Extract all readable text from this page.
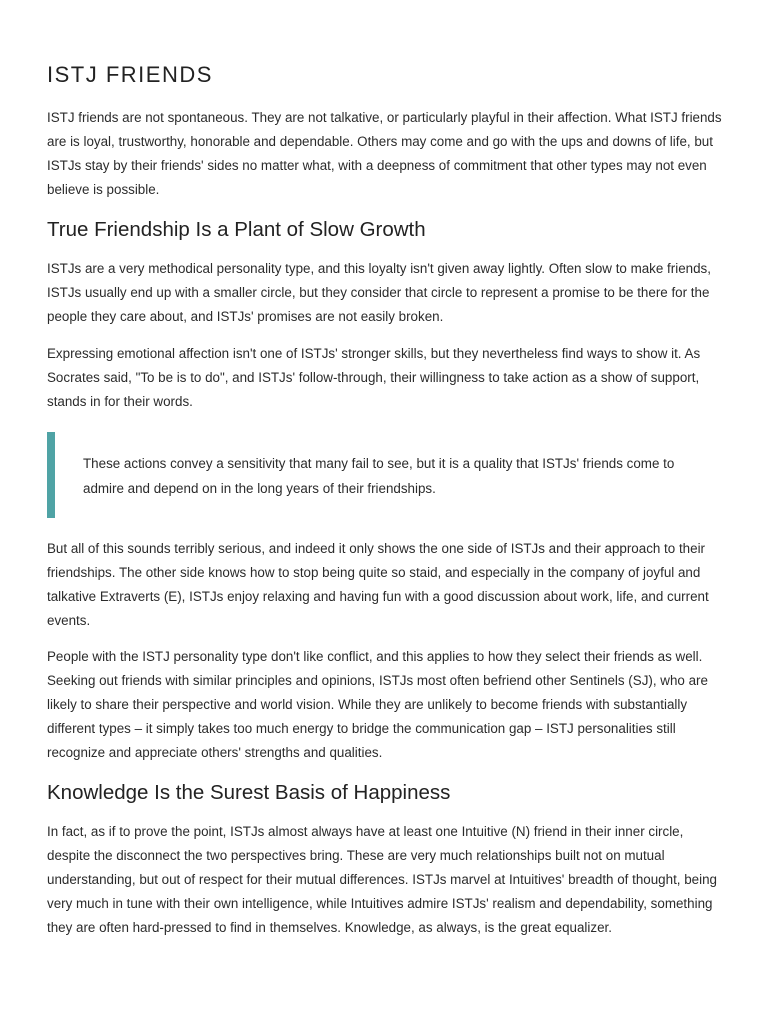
ISTJ FRIENDS

ISTJ friends are not spontaneous. They are not talkative, or particularly playful in their affection. What ISTJ friends are is loyal, trustworthy, honorable and dependable. Others may come and go with the ups and downs of life, but ISTJs stay by their friends' sides no matter what, with a deepness of commitment that other types may not even believe is possible.

True Friendship Is a Plant of Slow Growth

ISTJs are a very methodical personality type, and this loyalty isn't given away lightly. Often slow to make friends, ISTJs usually end up with a smaller circle, but they consider that circle to represent a promise to be there for the people they care about, and ISTJs' promises are not easily broken.

Expressing emotional affection isn't one of ISTJs' stronger skills, but they nevertheless find ways to show it. As Socrates said, "To be is to do", and ISTJs' follow-through, their willingness to take action as a show of support, stands in for their words.

These actions convey a sensitivity that many fail to see, but it is a quality that ISTJs' friends come to admire and depend on in the long years of their friendships.

But all of this sounds terribly serious, and indeed it only shows the one side of ISTJs and their approach to their friendships. The other side knows how to stop being quite so staid, and especially in the company of joyful and talkative Extraverts (E), ISTJs enjoy relaxing and having fun with a good discussion about work, life, and current events.

People with the ISTJ personality type don't like conflict, and this applies to how they select their friends as well. Seeking out friends with similar principles and opinions, ISTJs most often befriend other Sentinels (SJ), who are likely to share their perspective and world vision. While they are unlikely to become friends with substantially different types – it simply takes too much energy to bridge the communication gap – ISTJ personalities still recognize and appreciate others' strengths and qualities.

Knowledge Is the Surest Basis of Happiness

In fact, as if to prove the point, ISTJs almost always have at least one Intuitive (N) friend in their inner circle, despite the disconnect the two perspectives bring. These are very much relationships built not on mutual understanding, but out of respect for their mutual differences. ISTJs marvel at Intuitives' breadth of thought, being very much in tune with their own intelligence, while Intuitives admire ISTJs' realism and dependability, something they are often hard-pressed to find in themselves. Knowledge, as always, is the great equalizer.
